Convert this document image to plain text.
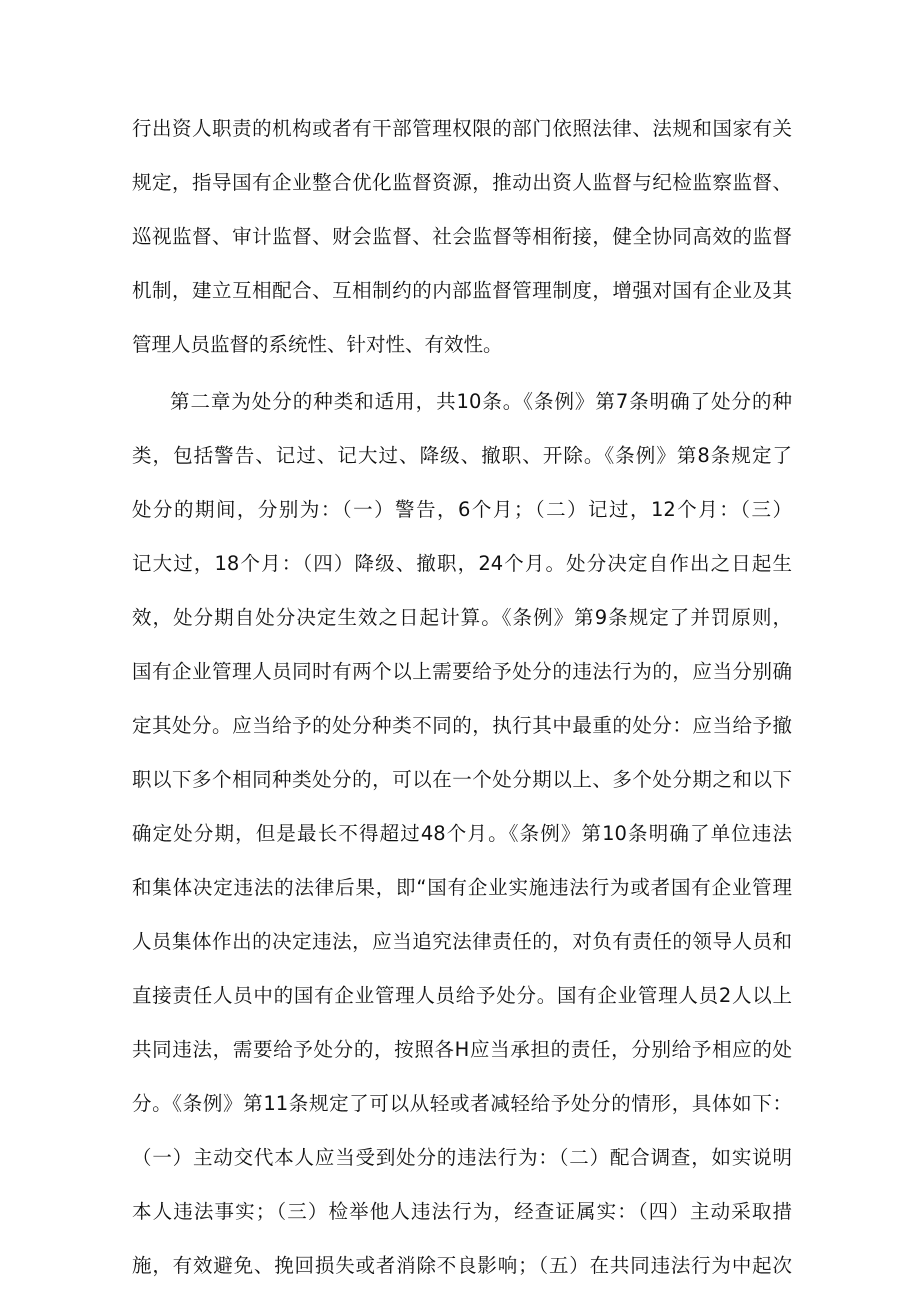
行出资人职责的机构或者有干部管理权限的部门依照法律、法规和国家有关
规定，指导国有企业整合优化监督资源，推动出资人监督与纪检监察监督、
巡视监督、审计监督、财会监督、社会监督等相衔接，健全协同高效的监督
机制，建立互相配合、互相制约的内部监督管理制度，增强对国有企业及其
管理人员监督的系统性、针对性、有效性。
第二章为处分的种类和适用，共10条。《条例》第7条明确了处分的种
类，包括警告、记过、记大过、降级、撤职、开除。《条例》第8条规定了
处分的期间，分别为：（一）警告，6个月；（二）记过，12个月：（三）
记大过，18个月：（四）降级、撤职，24个月。处分决定自作出之日起生
效，处分期自处分决定生效之日起计算。《条例》第9条规定了并罚原则，
国有企业管理人员同时有两个以上需要给予处分的违法行为的，应当分别确
定其处分。应当给予的处分种类不同的，执行其中最重的处分：应当给予撤
职以下多个相同种类处分的，可以在一个处分期以上、多个处分期之和以下
确定处分期，但是最长不得超过48个月。《条例》第10条明确了单位违法
和集体决定违法的法律后果，即“国有企业实施违法行为或者国有企业管理
人员集体作出的决定违法，应当追究法律责任的，对负有责任的领导人员和
直接责任人员中的国有企业管理人员给予处分。国有企业管理人员2人以上
共同违法，需要给予处分的，按照各H应当承担的责任，分别给予相应的处
分。《条例》第11条规定了可以从轻或者减轻给予处分的情形，具体如下：
（一）主动交代本人应当受到处分的违法行为：（二）配合调查，如实说明
本人违法事实；（三）检举他人违法行为，经查证属实：（四）主动采取措
施，有效避免、挽回损失或者消除不良影响；（五）在共同违法行为中起次
